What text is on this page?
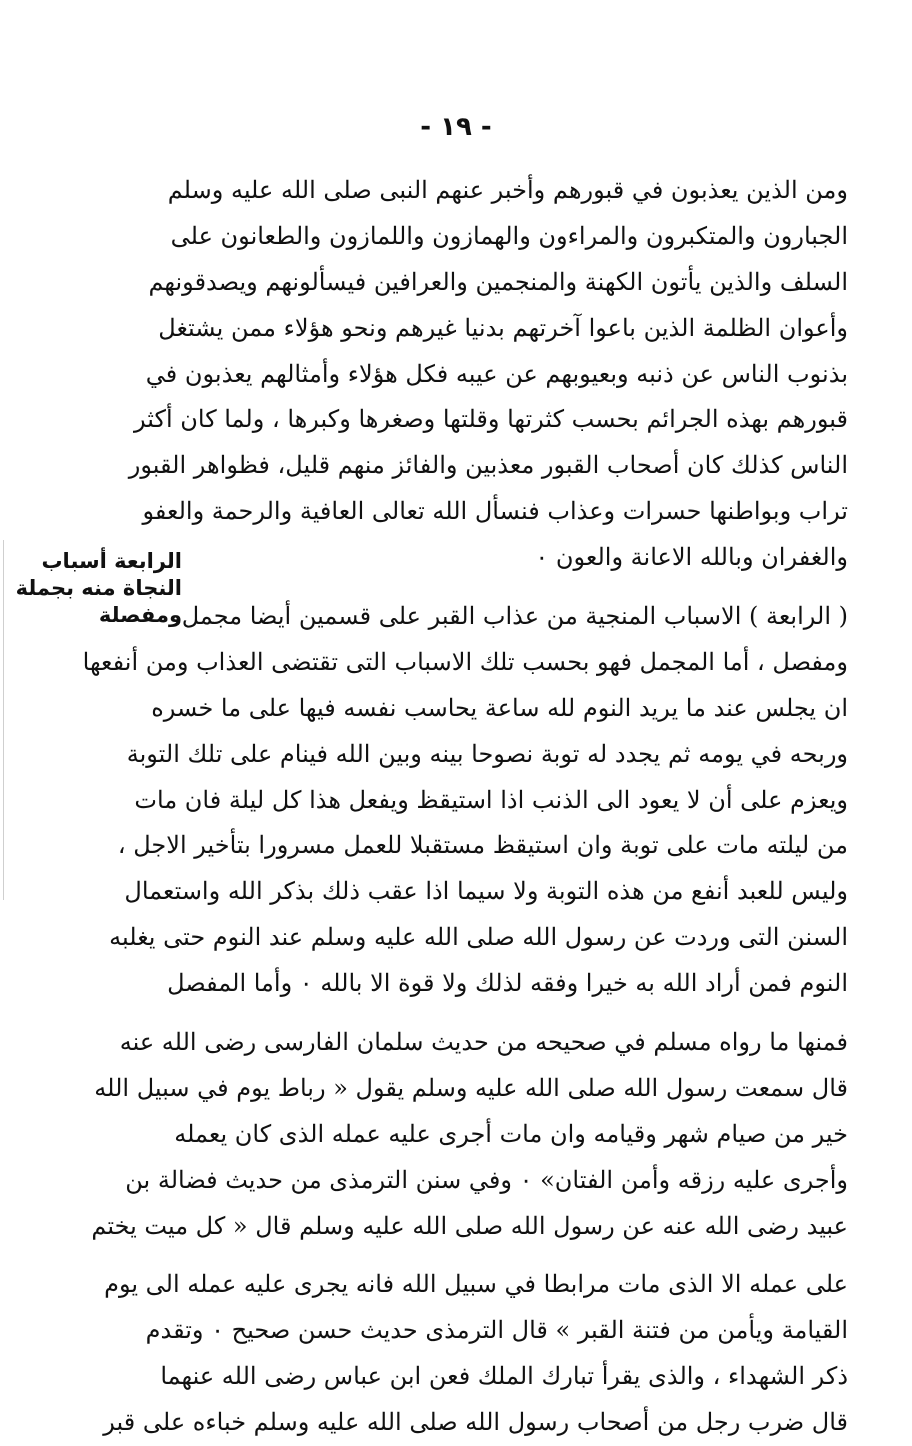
- ١٩ -
الرابعة أسباب
النجاة منه بجملة
ومفصلة
ومن الذين يعذبون في قبورهم وأخبر عنهم النبى صلى الله عليه وسلم
الجبارون والمتكبرون والمراءون والهمازون واللمازون والطعانون على
السلف والذين يأتون الكهنة والمنجمين والعرافين فيسألونهم ويصدقونهم
وأعوان الظلمة الذين باعوا آخرتهم بدنيا غيرهم ونحو هؤلاء ممن يشتغل
بذنوب الناس عن ذنبه وبعيوبهم عن عيبه فكل هؤلاء وأمثالهم يعذبون في
قبورهم بهذه الجرائم بحسب كثرتها وقلتها وصغرها وكبرها ، ولما كان أكثر
الناس كذلك كان أصحاب القبور معذبين والفائز منهم قليل، فظواهر القبور
تراب وبواطنها حسرات وعذاب فنسأل الله تعالى العافية والرحمة والعفو
والغفران وبالله الاعانة والعون ٠
( الرابعة ) الاسباب المنجية من عذاب القبر على قسمين أيضا مجمل
ومفصل ، أما المجمل فهو بحسب تلك الاسباب التى تقتضى العذاب ومن أنفعها
ان يجلس عند ما يريد النوم لله ساعة يحاسب نفسه فيها على ما خسره
وربحه في يومه ثم يجدد له توبة نصوحا بينه وبين الله فينام على تلك التوبة
ويعزم على أن لا يعود الى الذنب اذا استيقظ ويفعل هذا كل ليلة فان مات
من ليلته مات على توبة وان استيقظ مستقبلا للعمل مسرورا بتأخير الاجل ،
وليس للعبد أنفع من هذه التوبة ولا سيما اذا عقب ذلك بذكر الله واستعمال
السنن التى وردت عن رسول الله صلى الله عليه وسلم عند النوم حتى يغلبه
النوم فمن أراد الله به خيرا وفقه لذلك ولا قوة الا بالله ٠ وأما المفصل
فمنها ما رواه مسلم في صحيحه من حديث سلمان الفارسى رضى الله عنه
قال سمعت رسول الله صلى الله عليه وسلم يقول « رباط يوم في سبيل الله
خير من صيام شهر وقيامه وان مات أجرى عليه عمله الذى كان يعمله
وأجرى عليه رزقه وأمن الفتان» ٠ وفي سنن الترمذى من حديث فضالة بن
عبيد رضى الله عنه عن رسول الله صلى الله عليه وسلم قال « كل ميت يختم
على عمله الا الذى مات مرابطا في سبيل الله فانه يجرى عليه عمله الى يوم
القيامة ويأمن من فتنة القبر » قال الترمذى حديث حسن صحيح ٠ وتقدم
ذكر الشهداء ، والذى يقرأ تبارك الملك فعن ابن عباس رضى الله عنهما
قال ضرب رجل من أصحاب رسول الله صلى الله عليه وسلم خباءه على قبر
